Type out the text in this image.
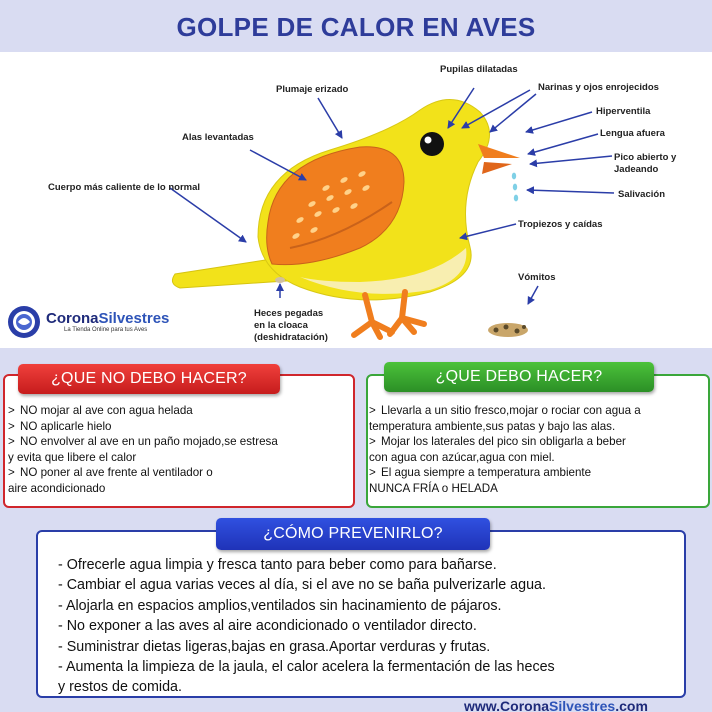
GOLPE DE CALOR EN AVES
Pupilas dilatadas
Plumaje erizado	Narinas y ojos enrojecidos
Hiperventila
Lengua afuera
Pico abierto y
Jadeando
Alas levantadas
Salivación
Cuerpo más caliente de lo normal
Tropiezos y caídas
Vómitos
Heces pegadas
en la cloaca
(deshidratación)
CoronaSilvestres
La Tienda Online para tus Aves
¿QUE NO DEBO HACER?
> NO mojar al ave con agua helada
> NO aplicarle hielo
> NO envolver al ave en un paño mojado,se estresa
y evita que libere el calor
> NO poner al ave frente al ventilador o
aire acondicionado
¿QUE DEBO HACER?
> Llevarla a un sitio fresco,mojar o rociar con agua a
temperatura ambiente,sus patas y bajo las alas.
> Mojar los laterales del pico sin obligarla a beber
con agua con azúcar,agua con miel.
> El agua siempre a temperatura ambiente
NUNCA FRÍA o HELADA
¿CÓMO PREVENIRLO?
- Ofrecerle agua limpia y fresca tanto para beber como para bañarse.
- Cambiar el agua varias veces al día, si el ave no se baña pulverizarle agua.
- Alojarla en espacios amplios,ventilados sin hacinamiento de pájaros.
- No exponer a las aves al aire acondicionado o ventilador directo.
- Suministrar dietas ligeras,bajas en grasa.Aportar verduras y frutas.
- Aumenta la limpieza de la jaula, el calor acelera la fermentación de las heces
y restos de comida.
www.CoronaSilvestres.com
